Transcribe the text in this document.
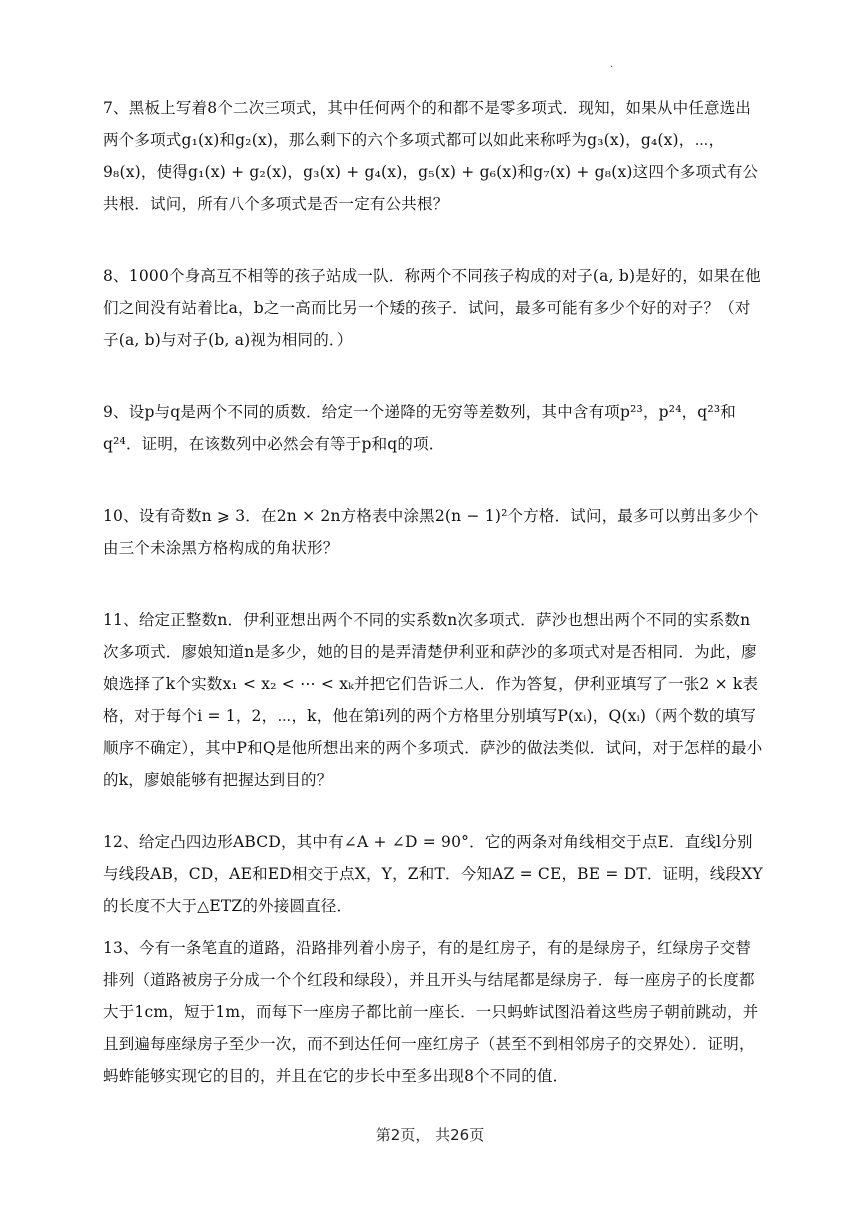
·

7、黑板上写着8个二次三项式，其中任何两个的和都不是零多项式．现知，如果从中任意选出两个多项式g₁(x)和g₂(x)，那么剩下的六个多项式都可以如此来称呼为g₃(x)，g₄(x)，⋯，9₈(x)，使得g₁(x) + g₂(x)，g₃(x) + g₄(x)，g₅(x) + g₆(x)和g₇(x) + g₈(x)这四个多项式有公共根．试问，所有八个多项式是否一定有公共根？

8、1000个身高互不相等的孩子站成一队．称两个不同孩子构成的对子(a, b)是好的，如果在他们之间没有站着比a，b之一高而比另一个矮的孩子．试问，最多可能有多少个好的对子？（对子(a, b)与对子(b, a)视为相同的．）

9、设p与q是两个不同的质数．给定一个递降的无穷等差数列，其中含有项p²³，p²⁴，q²³和q²⁴．证明，在该数列中必然会有等于p和q的项．

10、设有奇数n ⩾ 3．在2n × 2n方格表中涂黑2(n − 1)²个方格．试问，最多可以剪出多少个由三个未涂黑方格构成的角状形？

11、给定正整数n．伊利亚想出两个不同的实系数n次多项式．萨沙也想出两个不同的实系数n次多项式．廖娘知道n是多少，她的目的是弄清楚伊利亚和萨沙的多项式对是否相同．为此，廖娘选择了k个实数x₁ < x₂ < ⋯ < xₖ并把它们告诉二人．作为答复，伊利亚填写了一张2 × k表格，对于每个i = 1，2，⋯，k，他在第i列的两个方格里分别填写P(xᵢ)，Q(xᵢ)（两个数的填写顺序不确定），其中P和Q是他所想出来的两个多项式．萨沙的做法类似．试问，对于怎样的最小的k，廖娘能够有把握达到目的？

12、给定凸四边形ABCD，其中有∠A + ∠D = 90°．它的两条对角线相交于点E．直线l分别与线段AB，CD，AE和ED相交于点X，Y，Z和T．今知AZ = CE，BE = DT．证明，线段XY的长度不大于△ETZ的外接圆直径．

13、今有一条笔直的道路，沿路排列着小房子，有的是红房子，有的是绿房子，红绿房子交替排列（道路被房子分成一个个红段和绿段），并且开头与结尾都是绿房子．每一座房子的长度都大于1cm，短于1m，而每下一座房子都比前一座长．一只蚂蚱试图沿着这些房子朝前跳动，并且到遍每座绿房子至少一次，而不到达任何一座红房子（甚至不到相邻房子的交界处）．证明，蚂蚱能够实现它的目的，并且在它的步长中至多出现8个不同的值．

第2页， 共26页
